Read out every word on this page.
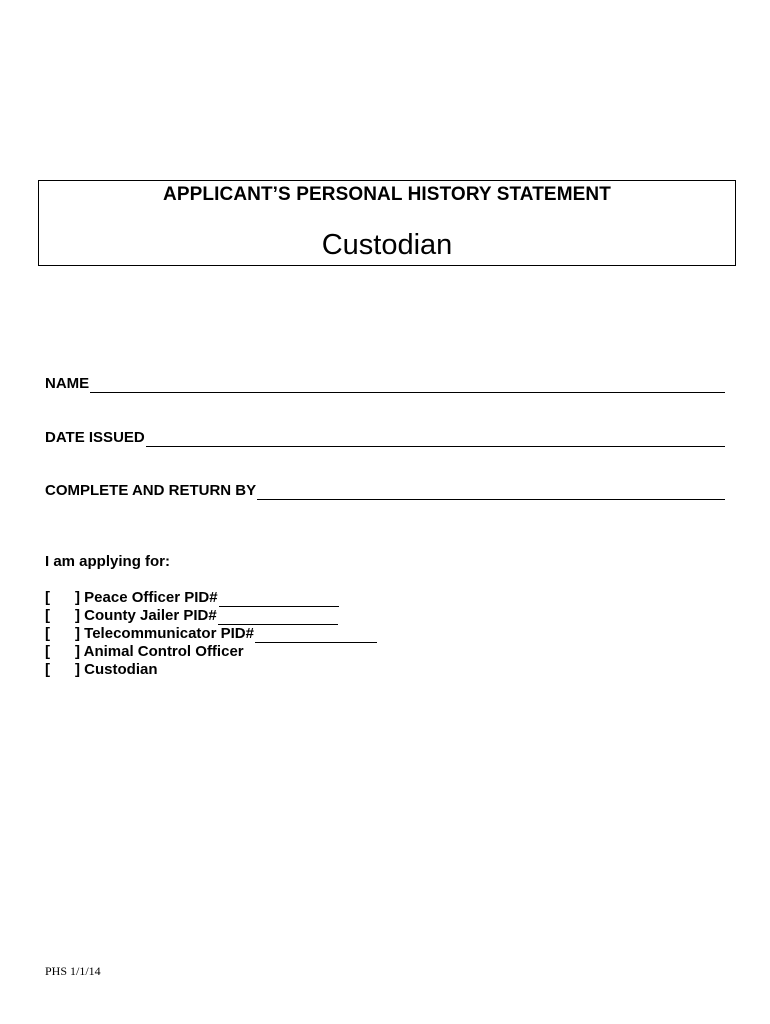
APPLICANT’S PERSONAL HISTORY STATEMENT
Custodian
NAME
DATE ISSUED
COMPLETE AND RETURN BY
I am applying for:
[	] Peace Officer PID#
[	] County Jailer PID#
[	] Telecommunicator PID#
[	] Animal Control Officer
[	] Custodian
PHS 1/1/14
